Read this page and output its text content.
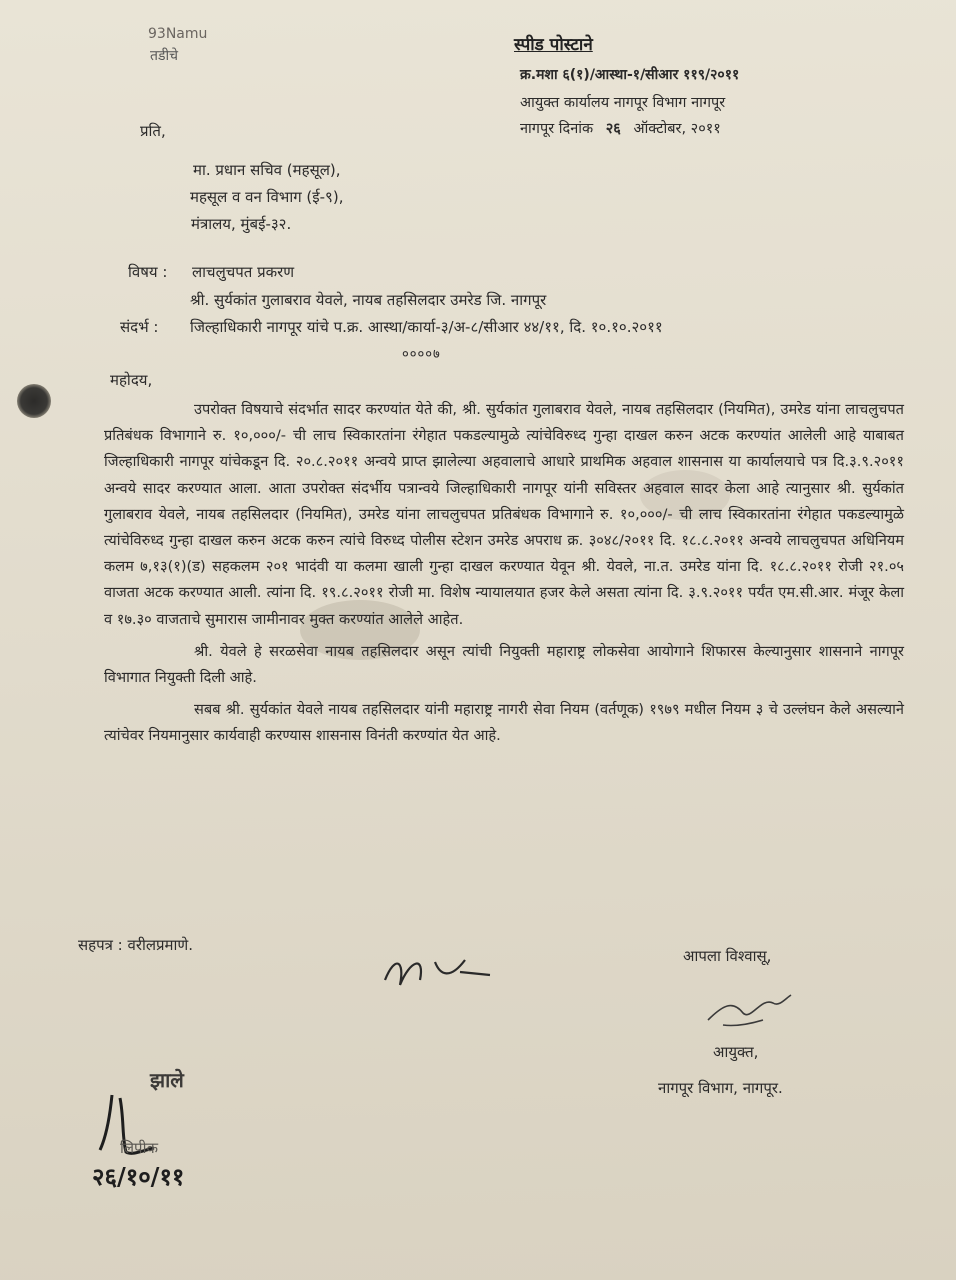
93Namu
तडीचे
स्पीड पोस्टाने
क्र.मशा ६(१)/आस्था-१/सीआर ११९/२०११
आयुक्त कार्यालय नागपूर विभाग नागपूर
नागपूर दिनांक २६ ऑक्टोबर, २०११
प्रति,
मा. प्रधान सचिव (महसूल),
महसूल व वन विभाग (ई-९),
मंत्रालय, मुंबई-३२.
विषय : लाचलुचपत प्रकरण
श्री. सुर्यकांत गुलाबराव येवले, नायब तहसिलदार उमरेड जि. नागपूर
संदर्भ : जिल्हाधिकारी नागपूर यांचे प.क्र. आस्था/कार्या-३/अ-८/सीआर ४४/११, दि. १०.१०.२०११
००००७
महोदय,

उपरोक्त विषयाचे संदर्भात सादर करण्यांत येते की, श्री. सुर्यकांत गुलाबराव येवले, नायब तहसिलदार (नियमित), उमरेड यांना लाचलुचपत प्रतिबंधक विभागाने रु. १०,०००/- ची लाच स्विकारतांना रंगेहात पकडल्यामुळे त्यांचेविरुध्द गुन्हा दाखल करुन अटक करण्यांत आलेली आहे याबाबत जिल्हाधिकारी नागपूर यांचेकडून दि. २०.८.२०११ अन्वये प्राप्त झालेल्या अहवालाचे आधारे प्राथमिक अहवाल शासनास या कार्यालयाचे पत्र दि.३.९.२०११ अन्वये सादर करण्यात आला. आता उपरोक्त संदर्भीय पत्रान्वये जिल्हाधिकारी नागपूर यांनी सविस्तर अहवाल सादर केला आहे त्यानुसार श्री. सुर्यकांत गुलाबराव येवले, नायब तहसिलदार (नियमित), उमरेड यांना लाचलुचपत प्रतिबंधक विभागाने रु. १०,०००/- ची लाच स्विकारतांना रंगेहात पकडल्यामुळे त्यांचेविरुध्द गुन्हा दाखल करुन अटक करुन त्यांचे विरुध्द पोलीस स्टेशन उमरेड अपराध क्र. ३०४८/२०११ दि. १८.८.२०११ अन्वये लाचलुचपत अधिनियम कलम ७,१३(१)(ड) सहकलम २०१ भादंवी या कलमा खाली गुन्हा दाखल करण्यात येवून श्री. येवले, ना.त. उमरेड यांना दि. १८.८.२०११ रोजी २१.०५ वाजता अटक करण्यात आली. त्यांना दि. १९.८.२०११ रोजी मा. विशेष न्यायालयात हजर केले असता त्यांना दि. ३.९.२०११ पर्यंत एम.सी.आर. मंजूर केला व १७.३० वाजताचे सुमारास जामीनावर मुक्त करण्यांत आलेले आहेत.

श्री. येवले हे सरळसेवा नायब तहसिलदार असून त्यांची नियुक्ती महाराष्ट्र लोकसेवा आयोगाने शिफारस केल्यानुसार शासनाने नागपूर विभागात नियुक्ती दिली आहे.

सबब श्री. सुर्यकांत येवले नायब तहसिलदार यांनी महाराष्ट्र नागरी सेवा नियम (वर्तणूक) १९७९ मधील नियम ३ चे उल्लंघन केले असल्याने त्यांचेवर नियमानुसार कार्यवाही करण्यास शासनास विनंती करण्यांत येत आहे.

सहपत्र : वरीलप्रमाणे.
आपला विश्वासू,
आयुक्त,
नागपूर विभाग, नागपूर.
झाले
लिपीक
२६/१०/११
